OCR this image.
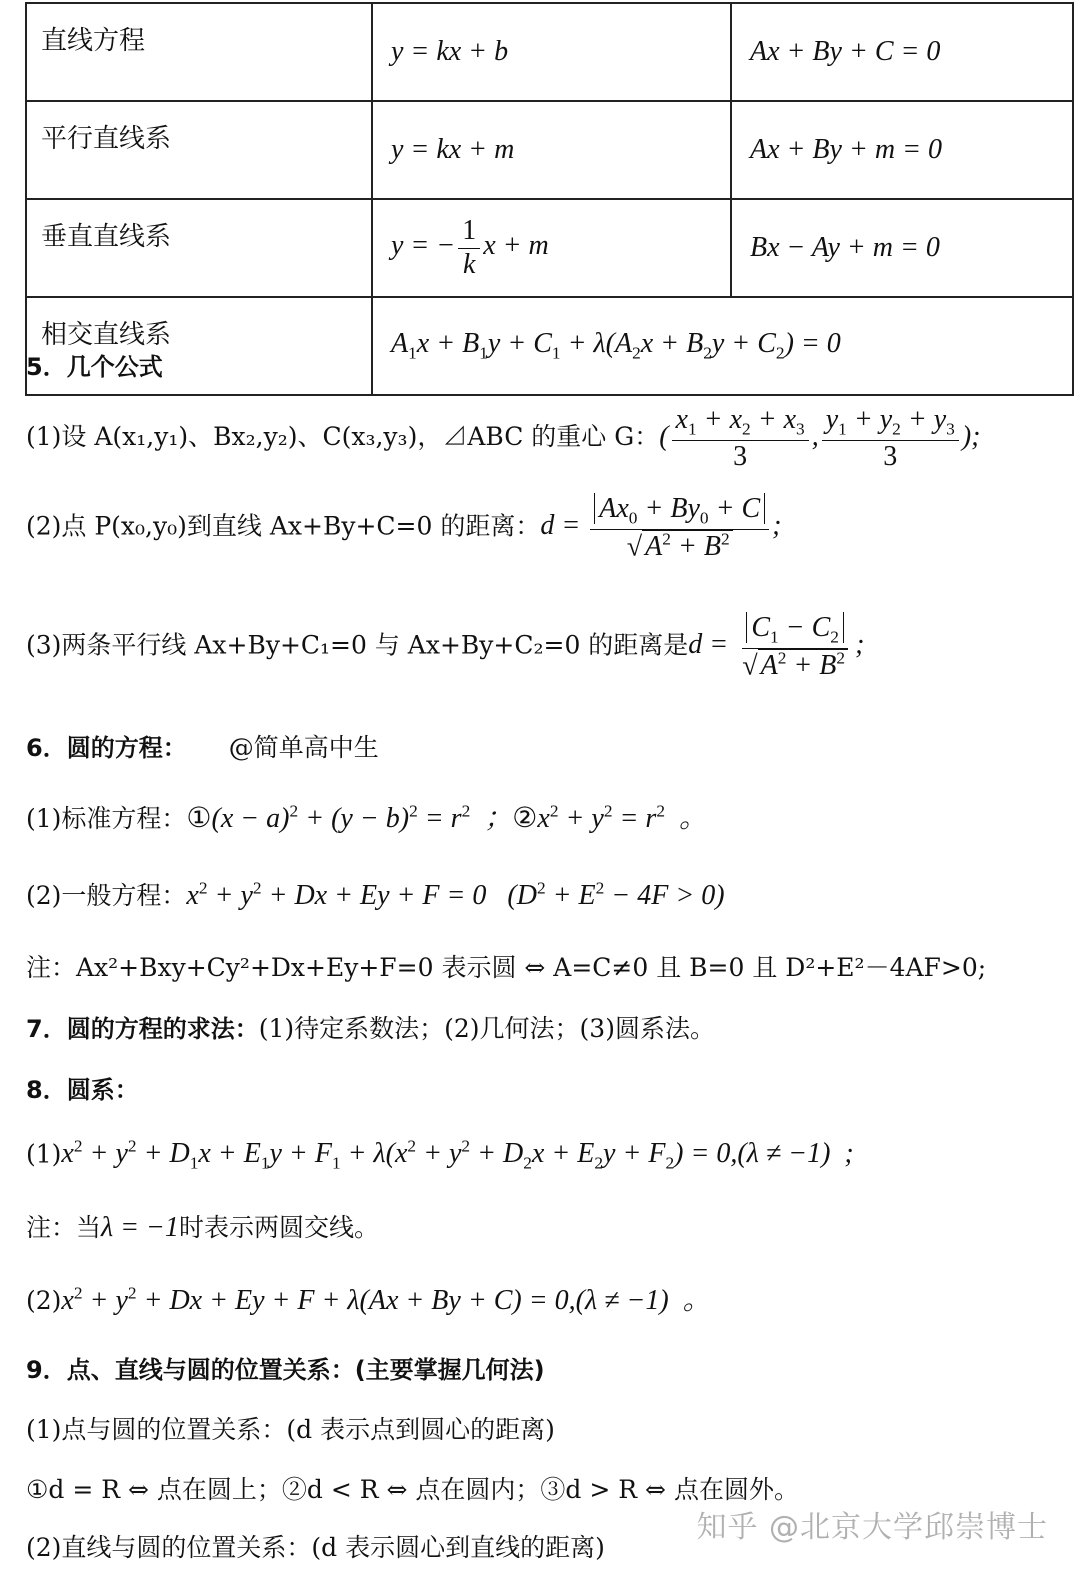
直线方程	y = kx + b	Ax + By + C = 0
平行直线系	y = kx + m	Ax + By + m = 0
垂直直线系	y = − $\frac{1}{k}$ x + m	Bx − Ay + m = 0
相交直线系	$A_1x + B_1y + C_1 + \lambda(A_2x + B_2y + C_2) = 0$	
5．几个公式
(1)设 A(x₁,y₁)、Bx₂,y₂)、C(x₃,y₃)，⊿ABC 的重心 G：( $\frac{x_1 + x_2 + x_3}{3}$ , $\frac{y_1 + y_2 + y_3}{3}$ );
(2)点 P(x₀,y₀)到直线 Ax+By+C=0 的距离：$d = \frac{Ax_0 + By_0 + C}{√ A^2 + B^2}$ ;
(3)两条平行线 Ax+By+C₁=0 与 Ax+By+C₂=0 的距离是$d = \frac{C_1 - C_2}{√ A^2 + B^2}$ ;
6．圆的方程： @简单高中生
(1)标准方程：①(x − $a)^2 + (y - b)^2 = r^2$  ；$②x^2 + y^2 = r^2$  。
(2)一般方程：$x^2 + y^2 + Dx + Ey + F = 0$   $(D^2 + E^2 - 4F > 0)$
注：Ax²+Bxy+Cy²+Dx+Ey+F=0 表示圆 ⇔ A=C≠0 且 B=0 且 D²+E²－4AF>0;
7．圆的方程的求法：(1)待定系数法；(2)几何法；(3)圆系法。
8．圆系：
$(1)x^2 + y^2 + D_1x + E_1y + F_1 + \lambda(x^2 + y^2 + D_2x + E_2y + F_2) = 0,(\lambda \ne -1)$  ;
注：当λ = −1时表示两圆交线。
$(2)x^2 + y^2 + Dx + Ey + F + \lambda(Ax + By + C) = 0,(\lambda \ne -1)$  。
9．点、直线与圆的位置关系：(主要掌握几何法)
(1)点与圆的位置关系：(d 表示点到圆心的距离)
①d = R ⇔ 点在圆上；②d < R ⇔ 点在圆内；③d > R ⇔ 点在圆外。
(2)直线与圆的位置关系：(d 表示圆心到直线的距离)
知乎 @北京大学邱崇博士
